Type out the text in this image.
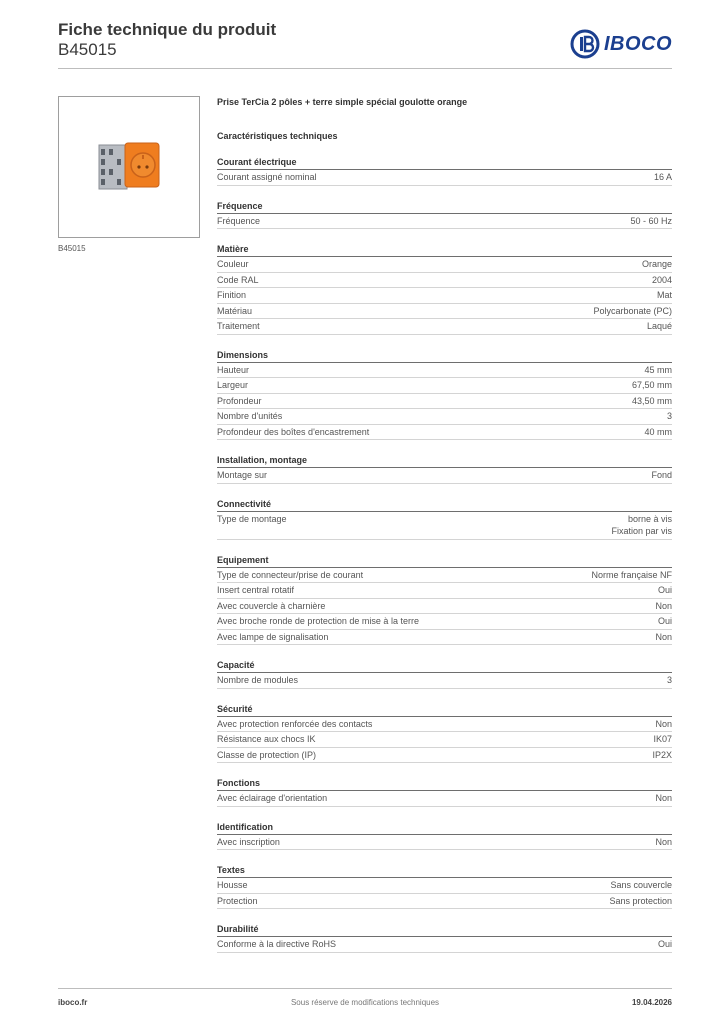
Fiche technique du produit
B45015	IBOCO
B45015
Prise TerCia 2 pôles + terre simple spécial goulotte orange
Caractéristiques techniques
Courant électrique
Courant assigné nominal	16 A
Fréquence
Fréquence	50 - 60 Hz
Matière
Couleur	Orange
Code RAL	2004
Finition	Mat
Matériau	Polycarbonate (PC)
Traitement	Laqué
Dimensions
Hauteur	45 mm
Largeur	67,50 mm
Profondeur	43,50 mm
Nombre d'unités	3
Profondeur des boîtes d'encastrement	40 mm
Installation, montage
Montage sur	Fond
Connectivité
Type de montage	borne à vis
Fixation par vis
Equipement
Type de connecteur/prise de courant	Norme française NF
Insert central rotatif	Oui
Avec couvercle à charnière	Non
Avec broche ronde de protection de mise à la terre	Oui
Avec lampe de signalisation	Non
Capacité
Nombre de modules	3
Sécurité
Avec protection renforcée des contacts	Non
Résistance aux chocs IK	IK07
Classe de protection (IP)	IP2X
Fonctions
Avec éclairage d'orientation	Non
Identification
Avec inscription	Non
Textes
Housse	Sans couvercle
Protection	Sans protection
Durabilité
Conforme à la directive RoHS	Oui
iboco.fr	Sous réserve de modifications techniques	19.04.2026
